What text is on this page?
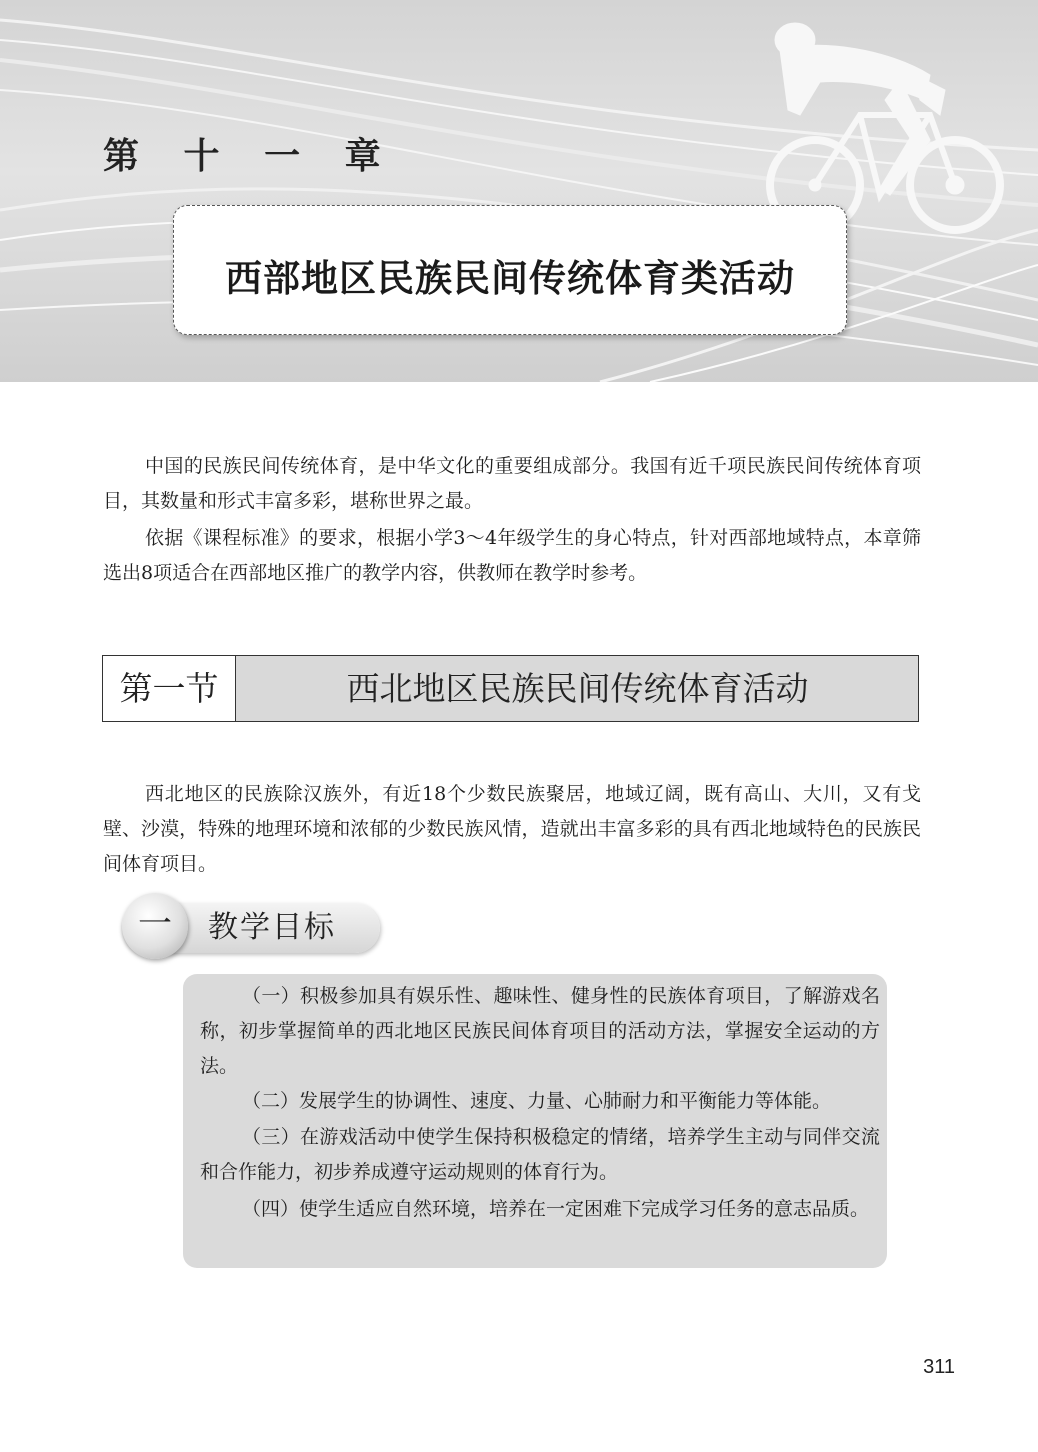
第 十 一 章
西部地区民族民间传统体育类活动

中国的民族民间传统体育，是中华文化的重要组成部分。我国有近千项民族民间传统体育项目，其数量和形式丰富多彩，堪称世界之最。

依据《课程标准》的要求，根据小学3～4年级学生的身心特点，针对西部地域特点，本章筛选出8项适合在西部地区推广的教学内容，供教师在教学时参考。

第一节	西北地区民族民间传统体育活动

西北地区的民族除汉族外，有近18个少数民族聚居，地域辽阔，既有高山、大川，又有戈壁、沙漠，特殊的地理环境和浓郁的少数民族风情，造就出丰富多彩的具有西北地域特色的民族民间体育项目。

一	教学目标

（一）积极参加具有娱乐性、趣味性、健身性的民族体育项目，了解游戏名称，初步掌握简单的西北地区民族民间体育项目的活动方法，掌握安全运动的方法。

（二）发展学生的协调性、速度、力量、心肺耐力和平衡能力等体能。

（三）在游戏活动中使学生保持积极稳定的情绪，培养学生主动与同伴交流和合作能力，初步养成遵守运动规则的体育行为。

（四）使学生适应自然环境，培养在一定困难下完成学习任务的意志品质。

311
